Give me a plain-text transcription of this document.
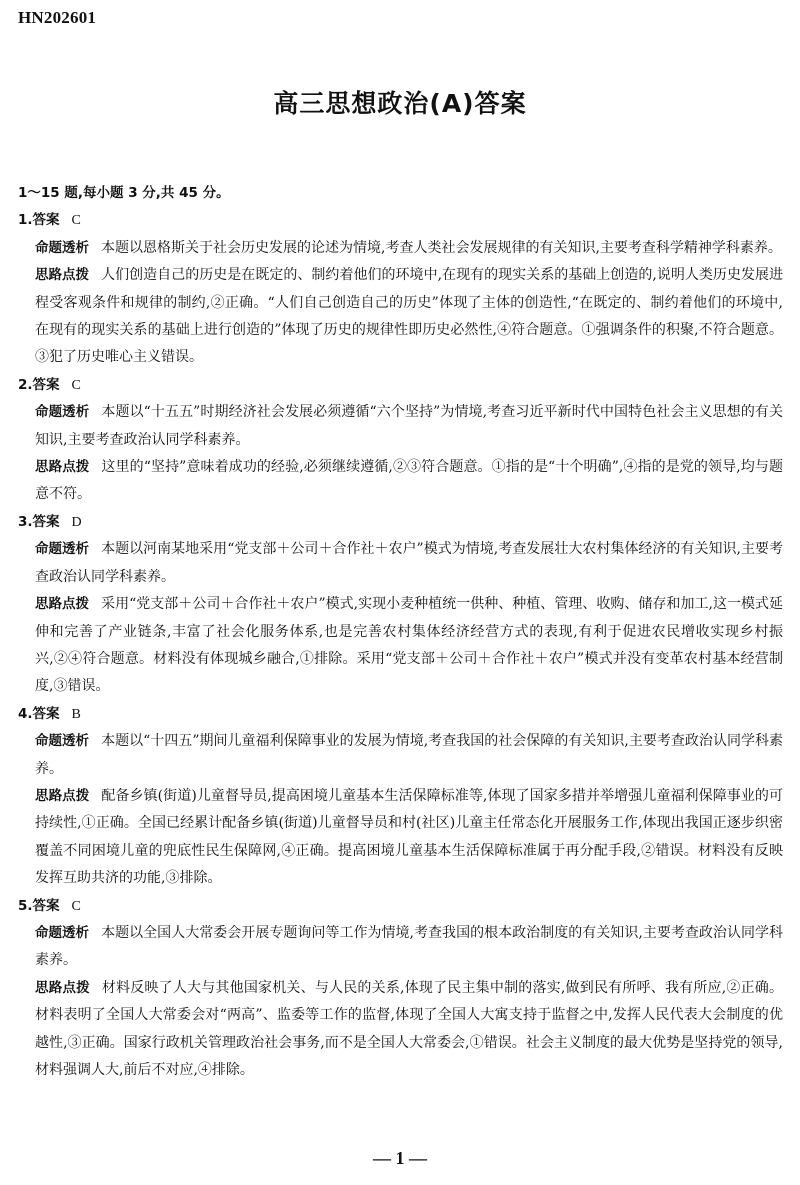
HN202601
高三思想政治(A)答案
1～15 题,每小题 3 分,共 45 分。
1.答案 C
命题透析 本题以恩格斯关于社会历史发展的论述为情境,考查人类社会发展规律的有关知识,主要考查科学精神学科素养。
思路点拨 人们创造自己的历史是在既定的、制约着他们的环境中,在现有的现实关系的基础上创造的,说明人类历史发展进程受客观条件和规律的制约,②正确。“人们自己创造自己的历史”体现了主体的创造性,“在既定的、制约着他们的环境中,在现有的现实关系的基础上进行创造的”体现了历史的规律性即历史必然性,④符合题意。①强调条件的积聚,不符合题意。③犯了历史唯心主义错误。
2.答案 C
命题透析 本题以“十五五”时期经济社会发展必须遵循“六个坚持”为情境,考查习近平新时代中国特色社会主义思想的有关知识,主要考查政治认同学科素养。
思路点拨 这里的“坚持”意味着成功的经验,必须继续遵循,②③符合题意。①指的是“十个明确”,④指的是党的领导,均与题意不符。
3.答案 D
命题透析 本题以河南某地采用“党支部＋公司＋合作社＋农户”模式为情境,考查发展壮大农村集体经济的有关知识,主要考查政治认同学科素养。
思路点拨 采用“党支部＋公司＋合作社＋农户”模式,实现小麦种植统一供种、种植、管理、收购、储存和加工,这一模式延伸和完善了产业链条,丰富了社会化服务体系,也是完善农村集体经济经营方式的表现,有利于促进农民增收实现乡村振兴,②④符合题意。材料没有体现城乡融合,①排除。采用“党支部＋公司＋合作社＋农户”模式并没有变革农村基本经营制度,③错误。
4.答案 B
命题透析 本题以“十四五”期间儿童福利保障事业的发展为情境,考查我国的社会保障的有关知识,主要考查政治认同学科素养。
思路点拨 配备乡镇(街道)儿童督导员,提高困境儿童基本生活保障标准等,体现了国家多措并举增强儿童福利保障事业的可持续性,①正确。全国已经累计配备乡镇(街道)儿童督导员和村(社区)儿童主任常态化开展服务工作,体现出我国正逐步织密覆盖不同困境儿童的兜底性民生保障网,④正确。提高困境儿童基本生活保障标准属于再分配手段,②错误。材料没有反映发挥互助共济的功能,③排除。
5.答案 C
命题透析 本题以全国人大常委会开展专题询问等工作为情境,考查我国的根本政治制度的有关知识,主要考查政治认同学科素养。
思路点拨 材料反映了人大与其他国家机关、与人民的关系,体现了民主集中制的落实,做到民有所呼、我有所应,②正确。材料表明了全国人大常委会对“两高”、监委等工作的监督,体现了全国人大寓支持于监督之中,发挥人民代表大会制度的优越性,③正确。国家行政机关管理政治社会事务,而不是全国人大常委会,①错误。社会主义制度的最大优势是坚持党的领导,材料强调人大,前后不对应,④排除。
— 1 —
